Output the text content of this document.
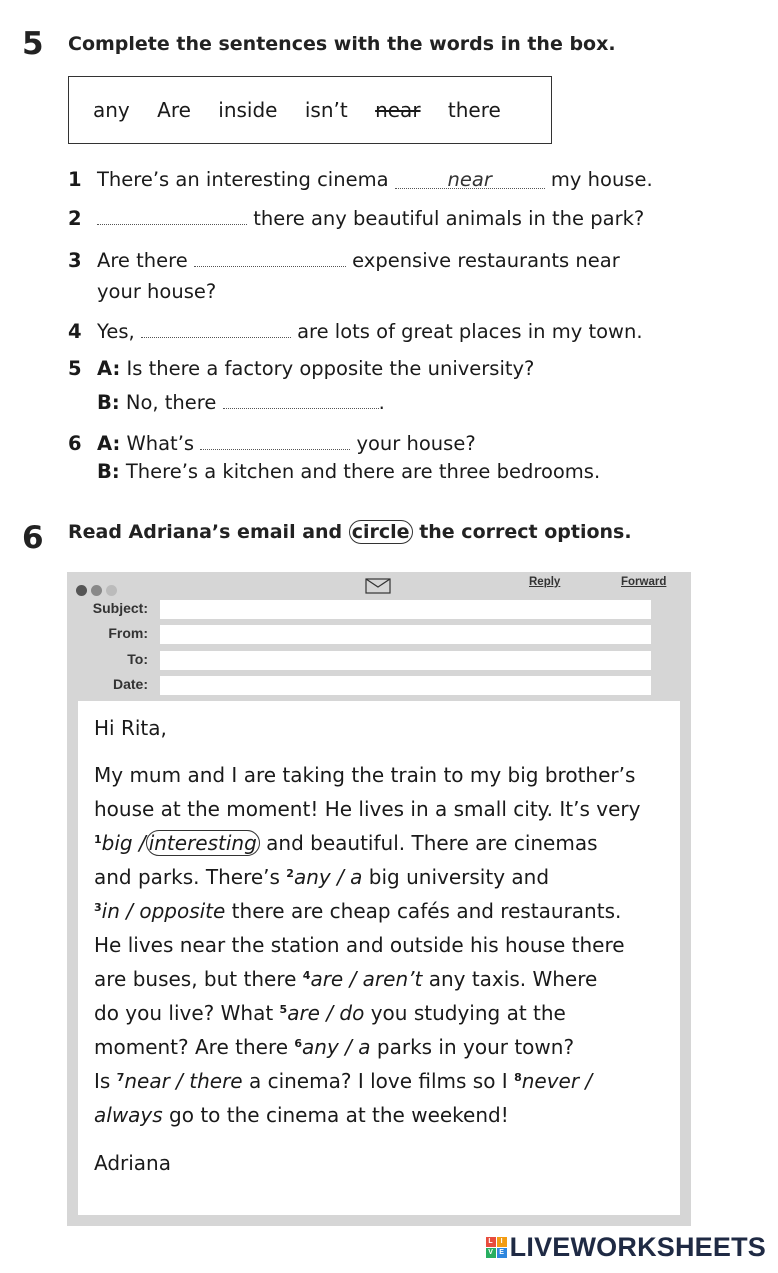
5 Complete the sentences with the words in the box.
any Are inside isn’t near there
1 There’s an interesting cinema	near	my house.
2	there any beautiful animals in the park?
3 Are there	expensive restaurants near
your house?
4 Yes,	are lots of great places in my town.
5 A: Is there a factory opposite the university?
B: No, there	.
6 A: What’s	your house?
B: There’s a kitchen and there are three bedrooms.
6 Read Adriana’s email and circle the correct options.
Reply	Forward
Subject:
From:
To:
Date:
Hi Rita,
My mum and I are taking the train to my big brother’s
house at the moment! He lives in a small city. It’s very
$^1$big / interesting and beautiful. There are cinemas
and parks. There’s $^2$any / a big university and
$^3$in / opposite there are cheap cafés and restaurants.
He lives near the station and outside his house there
are buses, but there $^4$are / aren’t any taxis. Where
do you live? What $^5$are / do you studying at the
moment? Are there $^6$any / a parks in your town?
Is $^7$near / there a cinema? I love films so I $^8$never /
always go to the cinema at the weekend!
Adriana
L	I
V E LIVEWORKSHEETS
